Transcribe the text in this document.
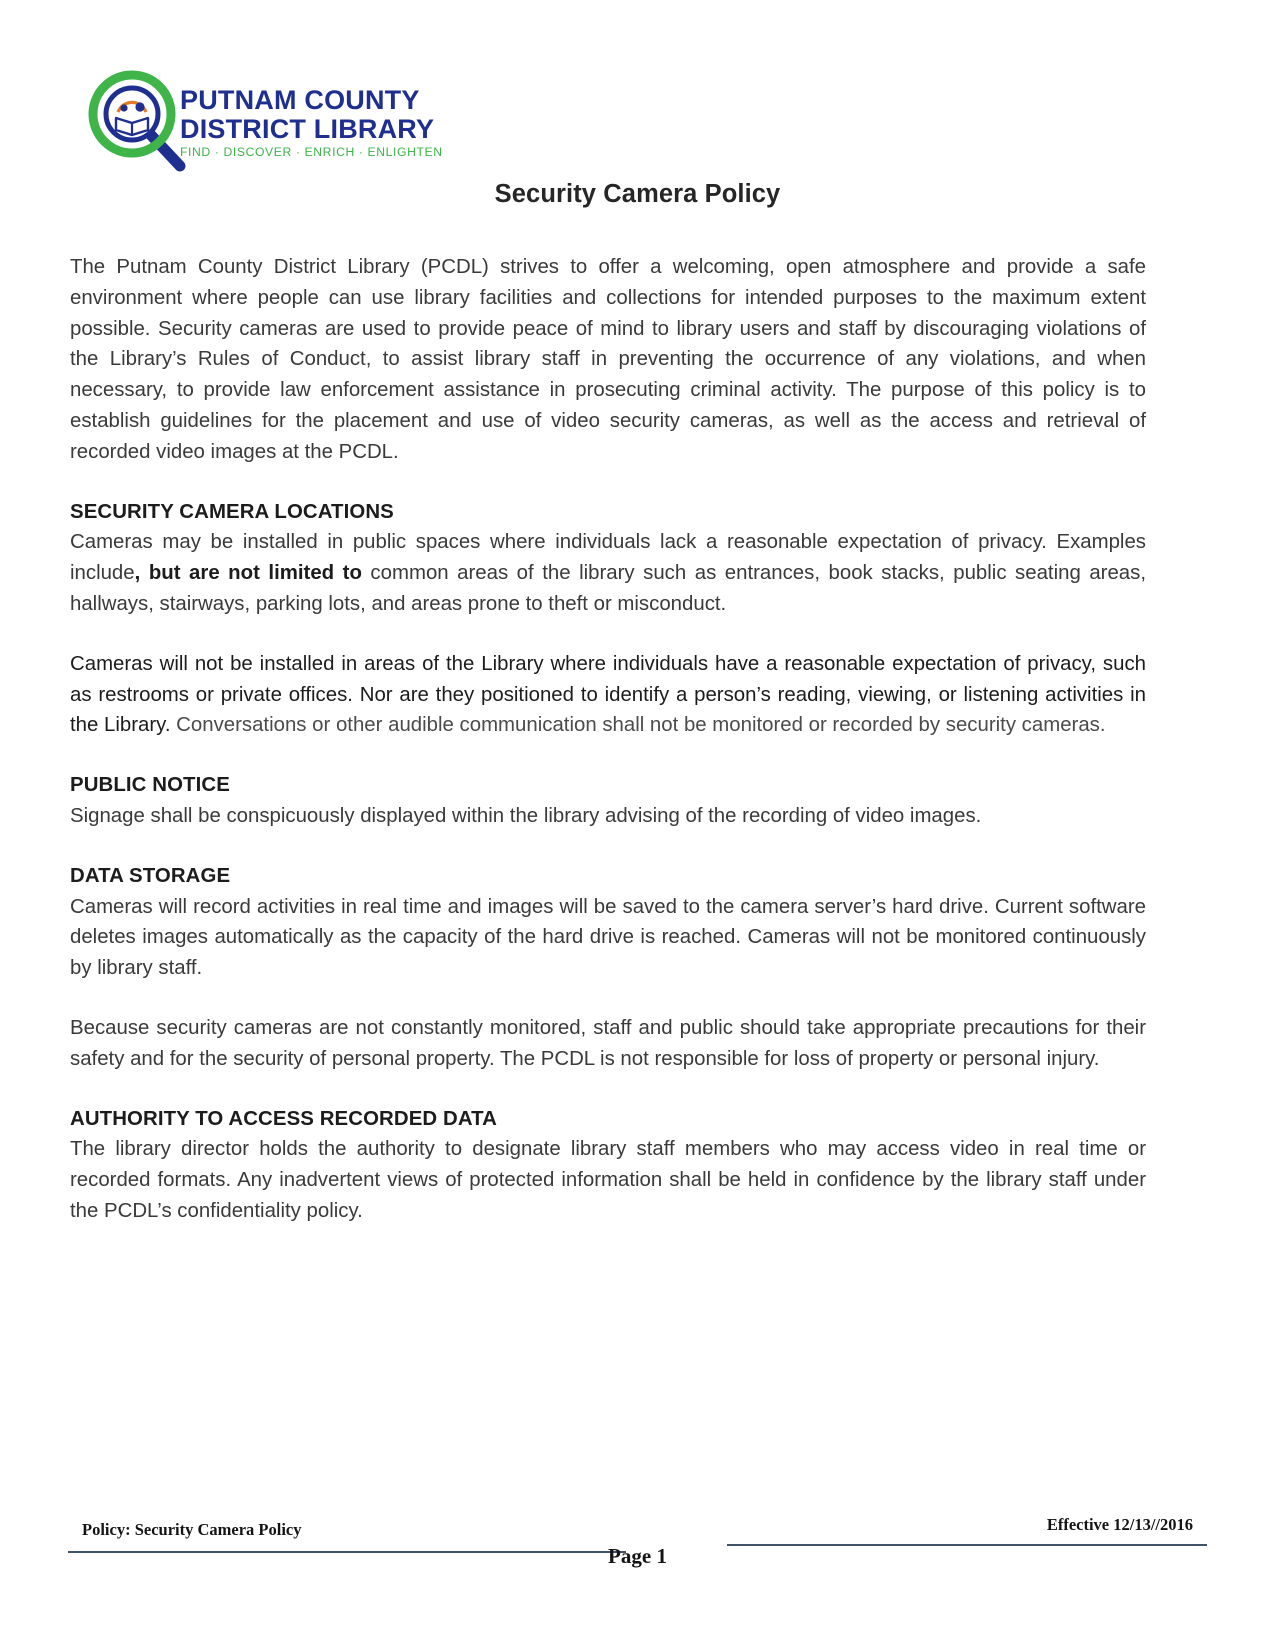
PUTNAM COUNTY
DISTRICT LIBRARY
FIND · DISCOVER · ENRICH · ENLIGHTEN
Security Camera Policy

The Putnam County District Library (PCDL) strives to offer a welcoming, open atmosphere and provide a safe environment where people can use library facilities and collections for intended purposes to the maximum extent possible. Security cameras are used to provide peace of mind to library users and staff by discouraging violations of the Library’s Rules of Conduct, to assist library staff in preventing the occurrence of any violations, and when necessary, to provide law enforcement assistance in prosecuting criminal activity. The purpose of this policy is to establish guidelines for the placement and use of video security cameras, as well as the access and retrieval of recorded video images at the PCDL.

SECURITY CAMERA LOCATIONS

Cameras may be installed in public spaces where individuals lack a reasonable expectation of privacy. Examples include, but are not limited to common areas of the library such as entrances, book stacks, public seating areas, hallways, stairways, parking lots, and areas prone to theft or misconduct.

Cameras will not be installed in areas of the Library where individuals have a reasonable expectation of privacy, such as restrooms or private offices. Nor are they positioned to identify a person’s reading, viewing, or listening activities in the Library. Conversations or other audible communication shall not be monitored or recorded by security cameras.

PUBLIC NOTICE

Signage shall be conspicuously displayed within the library advising of the recording of video images.

DATA STORAGE

Cameras will record activities in real time and images will be saved to the camera server’s hard drive. Current software deletes images automatically as the capacity of the hard drive is reached. Cameras will not be monitored continuously by library staff.

Because security cameras are not constantly monitored, staff and public should take appropriate precautions for their safety and for the security of personal property. The PCDL is not responsible for loss of property or personal injury.

AUTHORITY TO ACCESS RECORDED DATA

The library director holds the authority to designate library staff members who may access video in real time or recorded formats. Any inadvertent views of protected information shall be held in confidence by the library staff under the PCDL’s confidentiality policy.

Policy: Security Camera Policy
Page 1
Effective 12/13//2016
